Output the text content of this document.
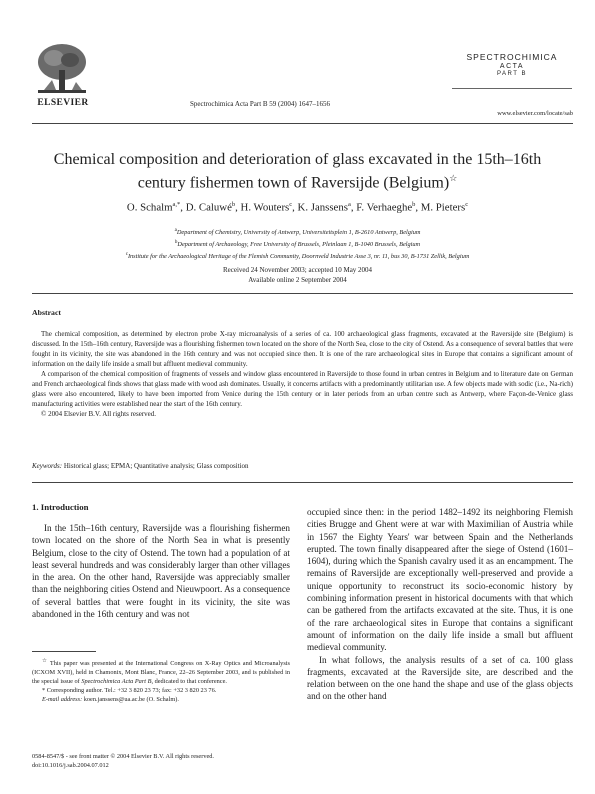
ELSEVIER	Spectrochimica Acta Part B 59 (2004) 1647–1656
SPECTROCHIMICA
ACTA
PART B
www.elsevier.com/locate/sab
Chemical composition and deterioration of glass excavated in the 15th–16th century fishermen town of Raversijde (Belgium)☆
O. Schalm$^{a,*}$, D. Caluwé$^b$, H. Wouters$^c$, K. Janssens$^a$, F. Verhaeghe$^b$, M. Pieters$^c$
$^a$Department of Chemistry, University of Antwerp, Universiteitsplein 1, B-2610 Antwerp, Belgium
$^b$Department of Archaeology, Free University of Brussels, Pleinlaan 1, B-1040 Brussels, Belgium
$^c$Institute for the Archaeological Heritage of the Flemish Community, Doornveld Industrie Asse 3, nr. 11, bus 30, B-1731 Zellik, Belgium
Received 24 November 2003; accepted 10 May 2004
Available online 2 September 2004
Abstract

The chemical composition, as determined by electron probe X-ray microanalysis of a series of ca. 100 archaeological glass fragments, excavated at the Raversijde site (Belgium) is discussed. In the 15th–16th century, Raversijde was a flourishing fishermen town located on the shore of the North Sea, close to the city of Ostend. As a consequence of several battles that were fought in its vicinity, the site was abandoned in the 16th century and was not occupied since then. It is one of the rare archaeological sites in Europe that contains a significant amount of information on the daily life inside a small but affluent medieval community.

A comparison of the chemical composition of fragments of vessels and window glass encountered in Raversijde to those found in urban centres in Belgium and to literature date on German and French archaeological finds shows that glass made with wood ash dominates. Usually, it concerns artifacts with a predominantly utilitarian use. A few objects made with sodic (i.e., Na-rich) glass were also encountered, likely to have been imported from Venice during the 15th century or in later periods from an urban centre such as Antwerp, where Façon-de-Venice glass manufacturing activities were established near the start of the 16th century.

© 2004 Elsevier B.V. All rights reserved.

Keywords: Historical glass; EPMA; Quantitative analysis; Glass composition
1. Introduction

In the 15th–16th century, Raversijde was a flourishing fishermen town located on the shore of the North Sea in what is presently Belgium, close to the city of Ostend. The town had a population of at least several hundreds and was considerably larger than other villages in the area. On the other hand, Raversijde was appreciably smaller than the neighboring cities Ostend and Nieuwpoort. As a consequence of several battles that were fought in its vicinity, the site was abandoned in the 16th century and was not

occupied since then: in the period 1482–1492 its neighboring Flemish cities Brugge and Ghent were at war with Maximilian of Austria while in 1567 the Eighty Years' war between Spain and the Netherlands erupted. The town finally disappeared after the siege of Ostend (1601–1604), during which the Spanish cavalry used it as an encampment. The remains of Raversijde are exceptionally well-preserved and provide a unique opportunity to reconstruct its socio-economic history by combining information present in historical documents with that which can be gathered from the artifacts excavated at the site. Thus, it is one of the rare archaeological sites in Europe that contains a significant amount of information on the daily life inside a small but affluent medieval community.

In what follows, the analysis results of a set of ca. 100 glass fragments, excavated at the Raversijde site, are described and the relation between on the one hand the shape and use of the glass objects and on the other hand

☆ This paper was presented at the International Congress on X-Ray Optics and Microanalysis (ICXOM XVII), held in Chamonix, Mont Blanc, France, 22–26 September 2003, and is published in the special issue of Spectrochimica Acta Part B, dedicated to that conference.

* Corresponding author. Tel.: +32 3 820 23 73; fax: +32 3 820 23 76.

E-mail address: koen.janssens@ua.ac.be (O. Schalm).

0584-8547/$ - see front matter © 2004 Elsevier B.V. All rights reserved.
doi:10.1016/j.sab.2004.07.012
